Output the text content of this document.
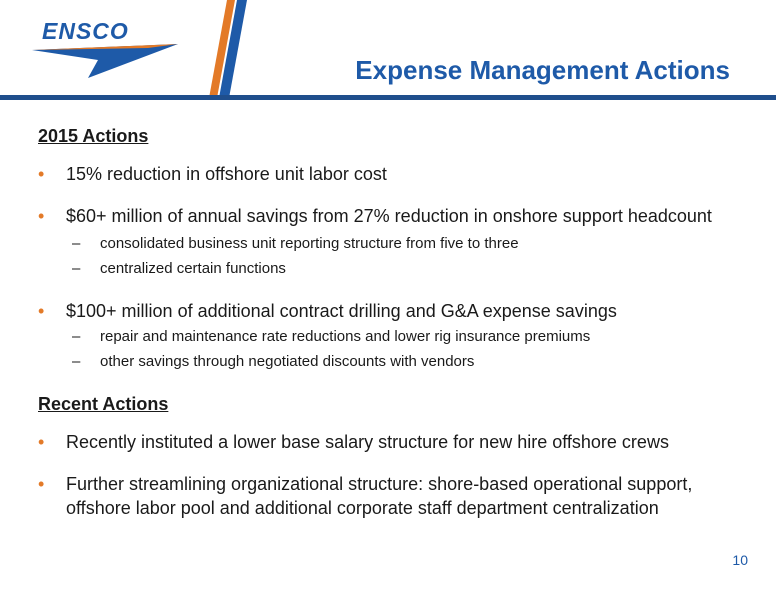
ENSCO
Expense Management Actions

2015 Actions

• 15% reduction in offshore unit labor cost

• $60+ million of annual savings from 27% reduction in onshore support headcount

– consolidated business unit reporting structure from five to three

– centralized certain functions

• $100+ million of additional contract drilling and G&A expense savings

– repair and maintenance rate reductions and lower rig insurance premiums

– other savings through negotiated discounts with vendors

Recent Actions

• Recently instituted a lower base salary structure for new hire offshore crews

• Further streamlining organizational structure: shore-based operational support, offshore labor pool and additional corporate staff department centralization

10
